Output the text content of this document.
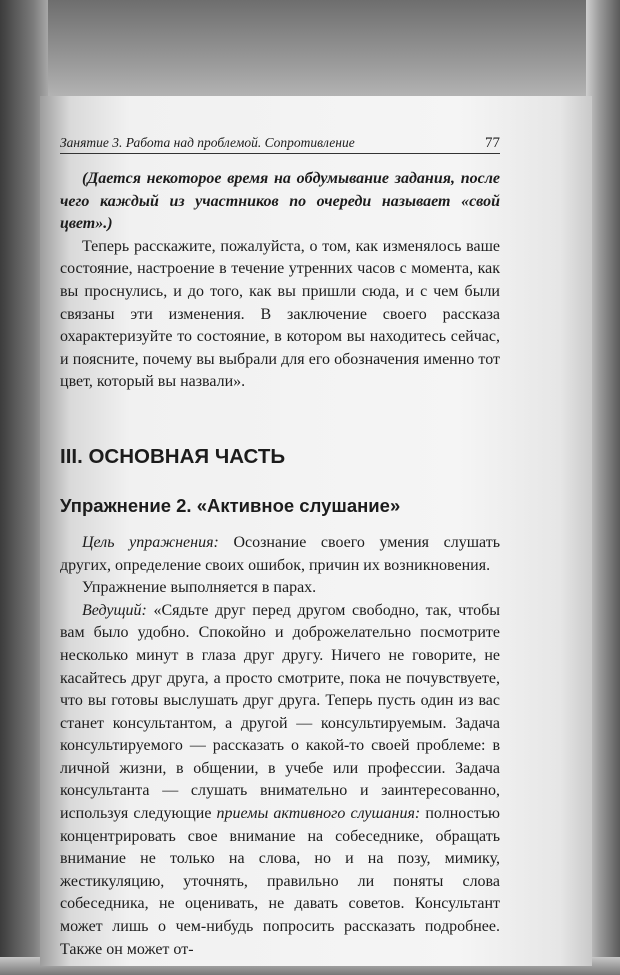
Занятие 3. Работа над проблемой. Сопротивление	77

(Дается некоторое время на обдумывание задания, после чего каждый из участников по очереди называет «свой цвет».)

Теперь расскажите, пожалуйста, о том, как изменялось ваше состояние, настроение в течение утренних часов с момента, как вы проснулись, и до того, как вы пришли сюда, и с чем были связаны эти изменения. В заключение своего рассказа охарактеризуйте то состояние, в котором вы находитесь сейчас, и поясните, почему вы выбрали для его обозначения именно тот цвет, который вы назвали».

III. ОСНОВНАЯ ЧАСТЬ
Упражнение 2. «Активное слушание»

Цель упражнения: Осознание своего умения слушать других, определение своих ошибок, причин их возникновения.

Упражнение выполняется в парах.

Ведущий: «Сядьте друг перед другом свободно, так, чтобы вам было удобно. Спокойно и доброжелательно посмотрите несколько минут в глаза друг другу. Ничего не говорите, не касайтесь друг друга, а просто смотрите, пока не почувствуете, что вы готовы выслушать друг друга. Теперь пусть один из вас станет консультантом, а другой — консультируемым. Задача консультируемого — рассказать о какой-то своей проблеме: в личной жизни, в общении, в учебе или профессии. Задача консультанта — слушать внимательно и заинтересованно, используя следующие приемы активного слушания: полностью концентрировать свое внимание на собеседнике, обращать внимание не только на слова, но и на позу, мимику, жестикуляцию, уточнять, правильно ли поняты слова собеседника, не оценивать, не давать советов. Консультант может лишь о чем-нибудь попросить рассказать подробнее. Также он может от-
